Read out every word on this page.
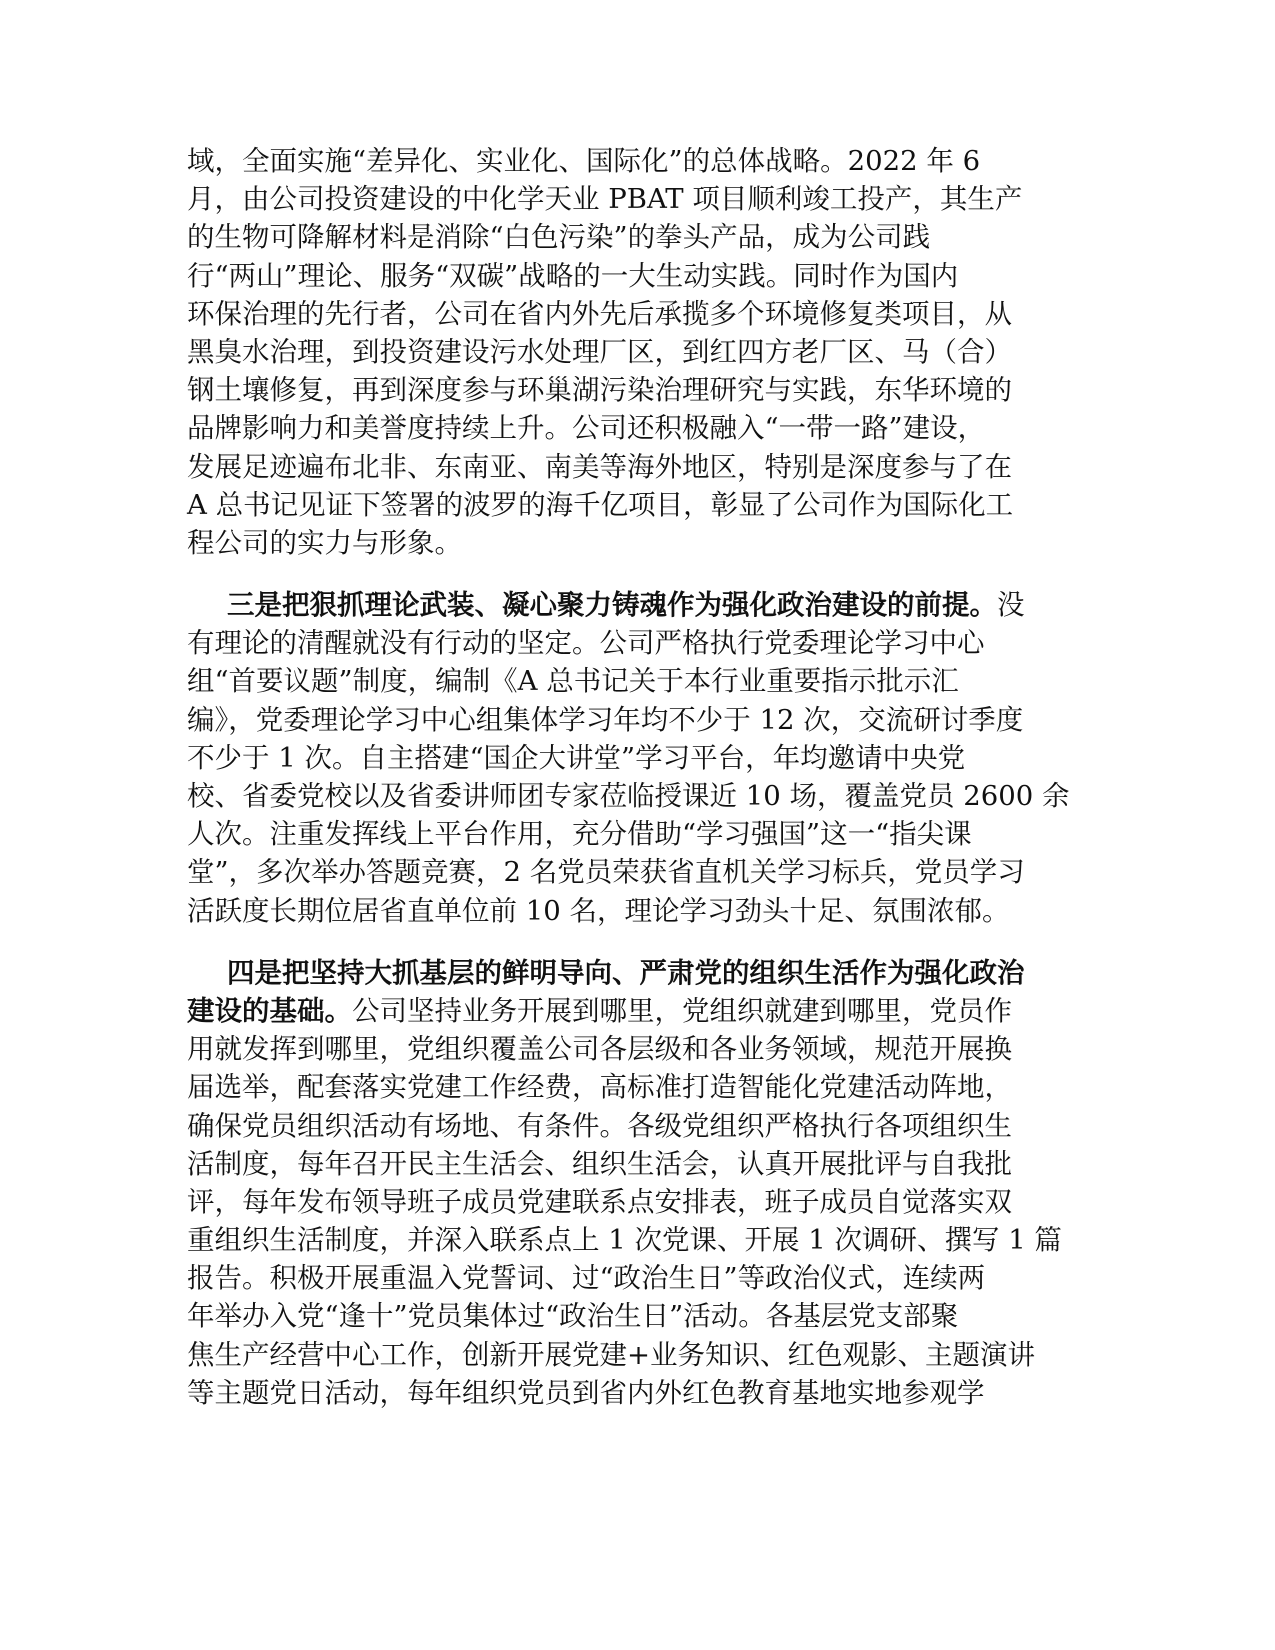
域，全面实施“差异化、实业化、国际化”的总体战略。2022 年 6
月，由公司投资建设的中化学天业 PBAT 项目顺利竣工投产，其生产
的生物可降解材料是消除“白色污染”的拳头产品，成为公司践
行“两山”理论、服务“双碳”战略的一大生动实践。同时作为国内
环保治理的先行者，公司在省内外先后承揽多个环境修复类项目，从
黑臭水治理，到投资建设污水处理厂区，到红四方老厂区、马（合）
钢土壤修复，再到深度参与环巢湖污染治理研究与实践，东华环境的
品牌影响力和美誉度持续上升。公司还积极融入“一带一路”建设，
发展足迹遍布北非、东南亚、南美等海外地区，特别是深度参与了在
A 总书记见证下签署的波罗的海千亿项目，彰显了公司作为国际化工
程公司的实力与形象。
三是把狠抓理论武装、凝心聚力铸魂作为强化政治建设的前提。没
有理论的清醒就没有行动的坚定。公司严格执行党委理论学习中心
组“首要议题”制度，编制《A 总书记关于本行业重要指示批示汇
编》，党委理论学习中心组集体学习年均不少于 12 次，交流研讨季度
不少于 1 次。自主搭建“国企大讲堂”学习平台，年均邀请中央党
校、省委党校以及省委讲师团专家莅临授课近 10 场，覆盖党员 2600 余
人次。注重发挥线上平台作用，充分借助“学习强国”这一“指尖课
堂”，多次举办答题竞赛，2 名党员荣获省直机关学习标兵，党员学习
活跃度长期位居省直单位前 10 名，理论学习劲头十足、氛围浓郁。
四是把坚持大抓基层的鲜明导向、严肃党的组织生活作为强化政治
建设的基础。公司坚持业务开展到哪里，党组织就建到哪里，党员作
用就发挥到哪里，党组织覆盖公司各层级和各业务领域，规范开展换
届选举，配套落实党建工作经费，高标准打造智能化党建活动阵地，
确保党员组织活动有场地、有条件。各级党组织严格执行各项组织生
活制度，每年召开民主生活会、组织生活会，认真开展批评与自我批
评，每年发布领导班子成员党建联系点安排表，班子成员自觉落实双
重组织生活制度，并深入联系点上 1 次党课、开展 1 次调研、撰写 1 篇
报告。积极开展重温入党誓词、过“政治生日”等政治仪式，连续两
年举办入党“逢十”党员集体过“政治生日”活动。各基层党支部聚
焦生产经营中心工作，创新开展党建+业务知识、红色观影、主题演讲
等主题党日活动，每年组织党员到省内外红色教育基地实地参观学
